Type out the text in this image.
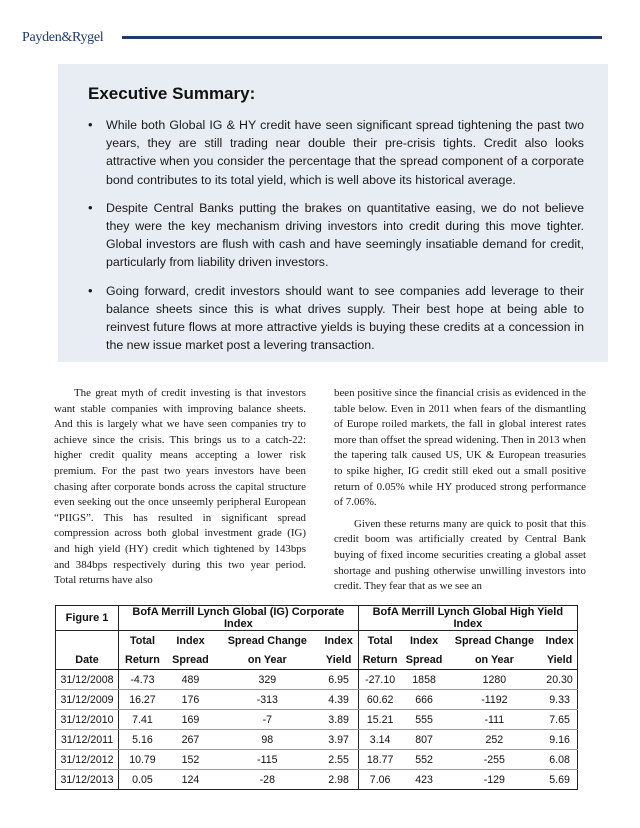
Payden&Rygel
Executive Summary:
• While both Global IG & HY credit have seen significant spread tightening the past two years, they are still trading near double their pre-crisis tights. Credit also looks attractive when you consider the percentage that the spread component of a corporate bond contributes to its total yield, which is well above its historical average.
• Despite Central Banks putting the brakes on quantitative easing, we do not believe they were the key mechanism driving investors into credit during this move tighter. Global investors are flush with cash and have seemingly insatiable demand for credit, particularly from liability driven investors.
• Going forward, credit investors should want to see companies add leverage to their balance sheets since this is what drives supply. Their best hope at being able to reinvest future flows at more attractive yields is buying these credits at a concession in the new issue market post a levering transaction.

The great myth of credit investing is that investors want stable companies with improving balance sheets. And this is largely what we have seen companies try to achieve since the crisis. This brings us to a catch-22: higher credit quality means accepting a lower risk premium. For the past two years investors have been chasing after corporate bonds across the capital structure even seeking out the once unseemly peripheral European “PIIGS”. This has resulted in significant spread compression across both global investment grade (IG) and high yield (HY) credit which tightened by 143bps and 384bps respectively during this two year period. Total returns have also

been positive since the financial crisis as evidenced in the table below. Even in 2011 when fears of the dismantling of Europe roiled markets, the fall in global interest rates more than offset the spread widening. Then in 2013 when the tapering talk caused US, UK & European treasuries to spike higher, IG credit still eked out a small positive return of 0.05% while HY produced strong performance of 7.06%.

Given these returns many are quick to posit that this credit boom was artificially created by Central Bank buying of fixed income securities creating a global asset shortage and pushing otherwise unwilling investors into credit. They fear that as we see an

Figure 1	BofA Merrill Lynch Global (IG) Corporate Index				BofA Merrill Lynch Global High Yield Index			
	Total	Index	Spread Change	Index	Total	Index	Spread Change	Index
Date	Return	Spread	on Year	Yield	Return	Spread	on Year	Yield
31/12/2008	-4.73	489	329	6.95	-27.10	1858	1280	20.30
31/12/2009	16.27	176	-313	4.39	60.62	666	-1192	9.33
31/12/2010	7.41	169	-7	3.89	15.21	555	-111	7.65
31/12/2011	5.16	267	98	3.97	3.14	807	252	9.16
31/12/2012	10.79	152	-115	2.55	18.77	552	-255	6.08
31/12/2013	0.05	124	-28	2.98	7.06	423	-129	5.69
